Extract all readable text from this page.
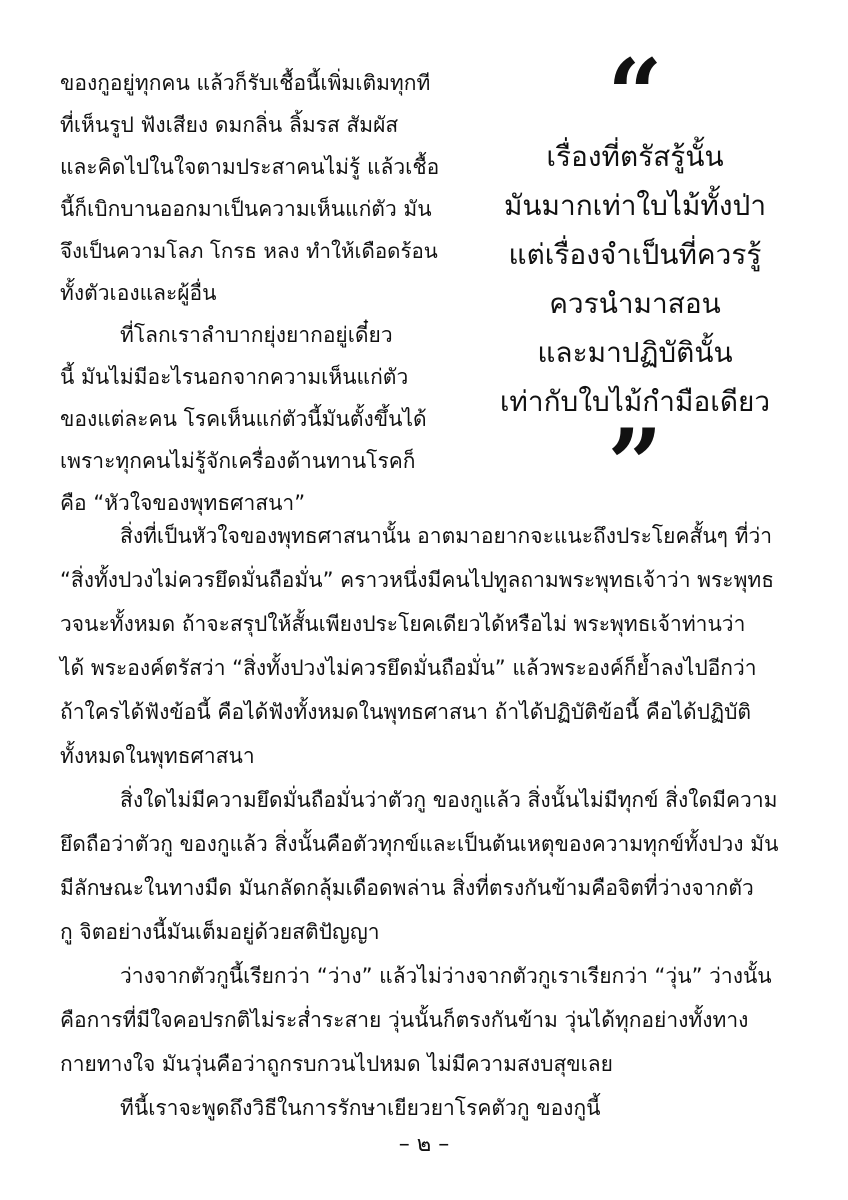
ของกูอยู่ทุกคน แล้วก็รับเชื้อนี้เพิ่มเติมทุกที
ที่เห็นรูป ฟังเสียง ดมกลิ่น ลิ้มรส สัมผัส
และคิดไปในใจตามประสาคนไม่รู้ แล้วเชื้อ
นี้ก็เบิกบานออกมาเป็นความเห็นแก่ตัว มัน
จึงเป็นความโลภ โกรธ หลง ทำให้เดือดร้อน
ทั้งตัวเองและผู้อื่น
ที่โลกเราลำบากยุ่งยากอยู่เดี๋ยว
นี้ มันไม่มีอะไรนอกจากความเห็นแก่ตัว
ของแต่ละคน โรคเห็นแก่ตัวนี้มันตั้งขึ้นได้
เพราะทุกคนไม่รู้จักเครื่องต้านทานโรคก็
คือ “หัวใจของพุทธศาสนา”
“
เรื่องที่ตรัสรู้นั้น
มันมากเท่าใบไม้ทั้งป่า
แต่เรื่องจำเป็นที่ควรรู้
ควรนำมาสอน
และมาปฏิบัตินั้น
เท่ากับใบไม้กำมือเดียว
”
สิ่งที่เป็นหัวใจของพุทธศาสนานั้น อาตมาอยากจะแนะถึงประโยคสั้นๆ ที่ว่า
“สิ่งทั้งปวงไม่ควรยึดมั่นถือมั่น” คราวหนึ่งมีคนไปทูลถามพระพุทธเจ้าว่า พระพุทธ
วจนะทั้งหมด ถ้าจะสรุปให้สั้นเพียงประโยคเดียวได้หรือไม่ พระพุทธเจ้าท่านว่า
ได้ พระองค์ตรัสว่า “สิ่งทั้งปวงไม่ควรยึดมั่นถือมั่น” แล้วพระองค์ก็ย้ำลงไปอีกว่า
ถ้าใครได้ฟังข้อนี้ คือได้ฟังทั้งหมดในพุทธศาสนา ถ้าได้ปฏิบัติข้อนี้ คือได้ปฏิบัติ
ทั้งหมดในพุทธศาสนา
สิ่งใดไม่มีความยึดมั่นถือมั่นว่าตัวกู ของกูแล้ว สิ่งนั้นไม่มีทุกข์ สิ่งใดมีความ
ยึดถือว่าตัวกู ของกูแล้ว สิ่งนั้นคือตัวทุกข์และเป็นต้นเหตุของความทุกข์ทั้งปวง มัน
มีลักษณะในทางมืด มันกลัดกลุ้มเดือดพล่าน สิ่งที่ตรงกันข้ามคือจิตที่ว่างจากตัว
กู จิตอย่างนี้มันเต็มอยู่ด้วยสติปัญญา
ว่างจากตัวกูนี้เรียกว่า “ว่าง” แล้วไม่ว่างจากตัวกูเราเรียกว่า “วุ่น” ว่างนั้น
คือการที่มีใจคอปรกติไม่ระส่ำระสาย วุ่นนั้นก็ตรงกันข้าม วุ่นได้ทุกอย่างทั้งทาง
กายทางใจ มันวุ่นคือว่าถูกรบกวนไปหมด ไม่มีความสงบสุขเลย
ทีนี้เราจะพูดถึงวิธีในการรักษาเยียวยาโรคตัวกู ของกูนี้
– ๒ –
